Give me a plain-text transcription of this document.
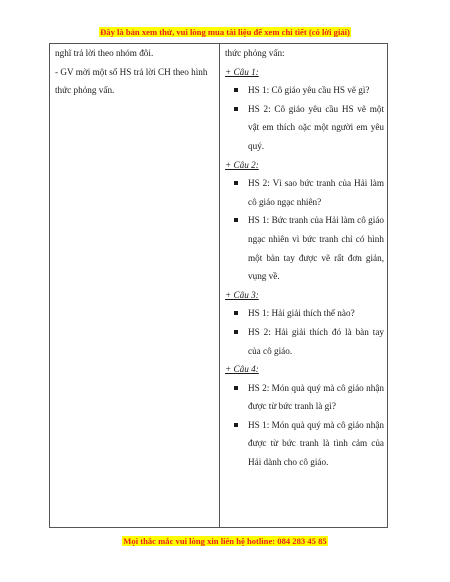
Đây là bản xem thử, vui lòng mua tài liệu để xem chi tiết (có lời giải)

nghĩ trả lời theo nhóm đôi.

- GV mời một số HS trả lời CH theo hình thức phỏng vấn.

thức phỏng vấn:

+ Câu 1:

HS 1: Cô giáo yêu cầu HS vẽ gì?
HS 2: Cô giáo yêu cầu HS vẽ một vật em thích oặc một người em yêu quý.

+ Câu 2:

HS 2: Vì sao bức tranh của Hải làm cô giáo ngạc nhiên?
HS 1: Bức tranh của Hải làm cô giáo ngạc nhiên vì bức tranh chỉ có hình một bàn tay được vẽ rất đơn giản, vụng về.

+ Câu 3:

HS 1: Hải giải thích thế nào?
HS 2: Hải giải thích đó là bàn tay của cô giáo.

+ Câu 4:

HS 2: Món quà quý mà cô giáo nhận được từ bức tranh là gì?
HS 1: Món quà quý mà cô giáo nhận được từ bức tranh là tình cảm của Hải dành cho cô giáo.
Mọi thắc mắc vui lòng xin liên hệ hotline: 084 283 45 85
